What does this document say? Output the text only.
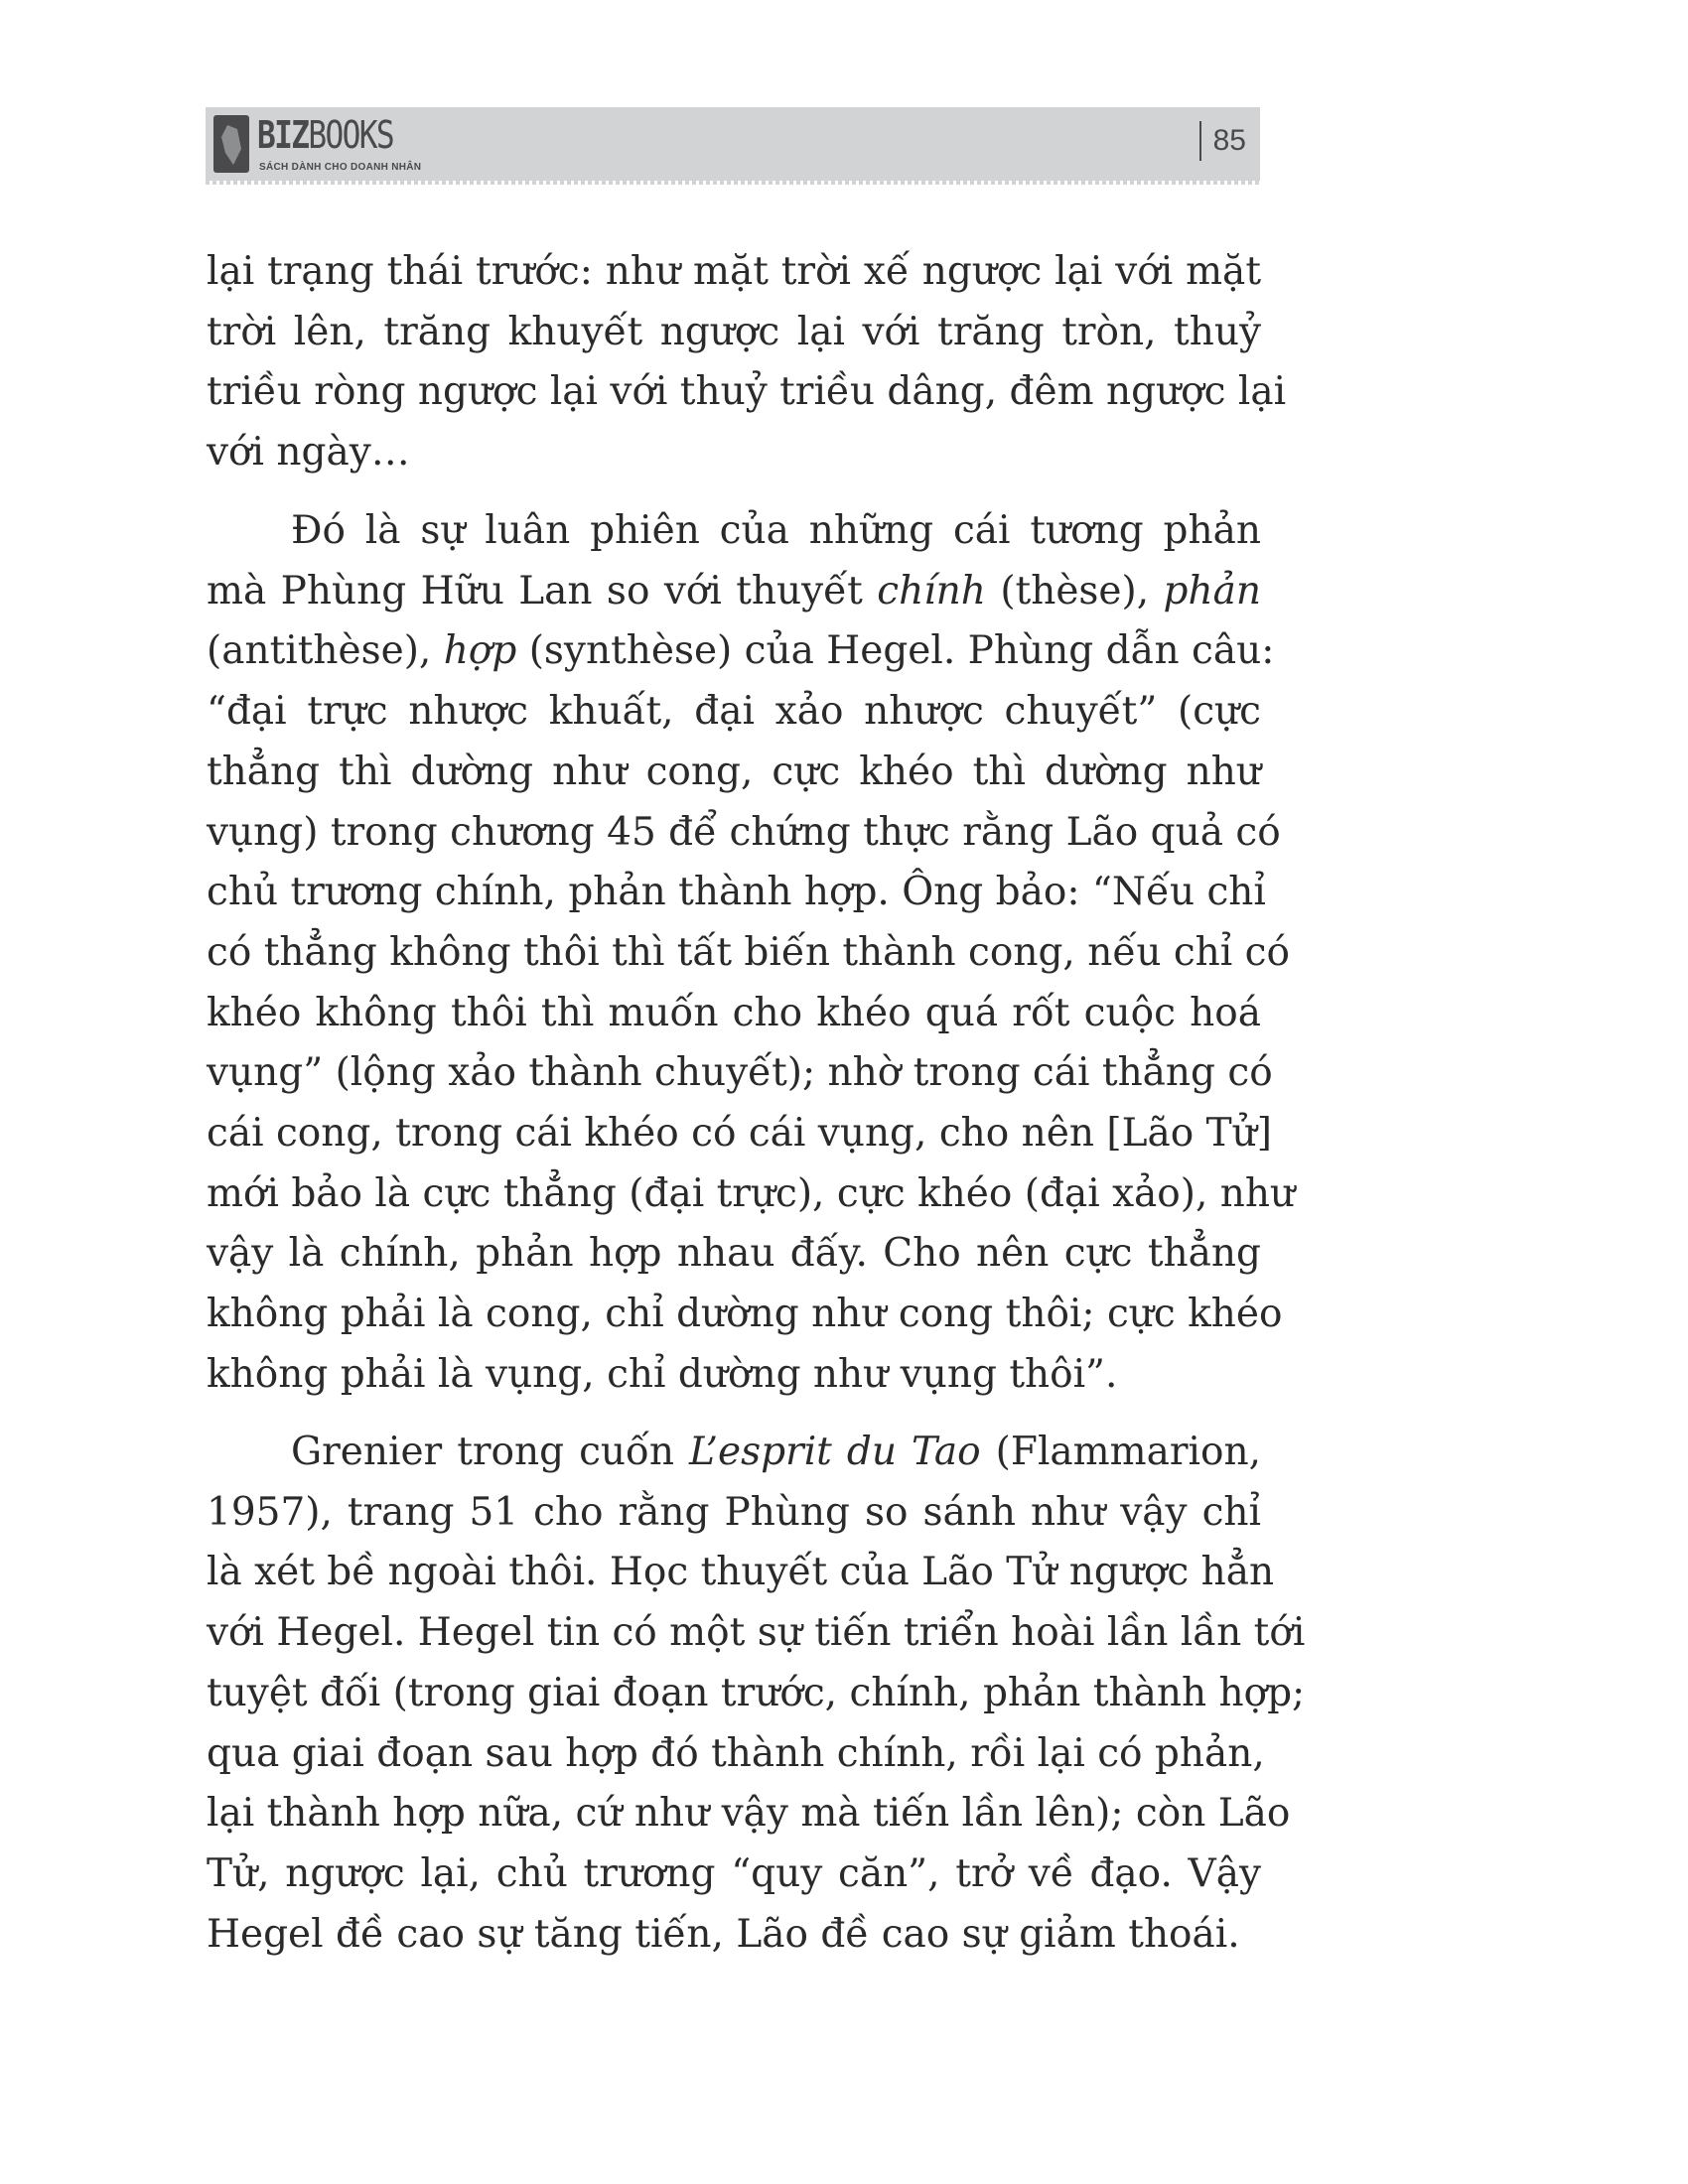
BIZBOOKS
SÁCH DÀNH CHO DOANH NHÂN
85
lại trạng thái trước: như mặt trời xế ngược lại với mặt
trời lên, trăng khuyết ngược lại với trăng tròn, thuỷ
triều ròng ngược lại với thuỷ triều dâng, đêm ngược lại
với ngày…
Đó là sự luân phiên của những cái tương phản
mà Phùng Hữu Lan so với thuyết chính (thèse), phản
(antithèse), hợp (synthèse) của Hegel. Phùng dẫn câu:
“đại trực nhược khuất, đại xảo nhược chuyết” (cực
thẳng thì dường như cong, cực khéo thì dường như
vụng) trong chương 45 để chứng thực rằng Lão quả có
chủ trương chính, phản thành hợp. Ông bảo: “Nếu chỉ
có thẳng không thôi thì tất biến thành cong, nếu chỉ có
khéo không thôi thì muốn cho khéo quá rốt cuộc hoá
vụng” (lộng xảo thành chuyết); nhờ trong cái thẳng có
cái cong, trong cái khéo có cái vụng, cho nên [Lão Tử]
mới bảo là cực thẳng (đại trực), cực khéo (đại xảo), như
vậy là chính, phản hợp nhau đấy. Cho nên cực thẳng
không phải là cong, chỉ dường như cong thôi; cực khéo
không phải là vụng, chỉ dường như vụng thôi”.
Grenier trong cuốn L’esprit du Tao (Flammarion,
1957), trang 51 cho rằng Phùng so sánh như vậy chỉ
là xét bề ngoài thôi. Học thuyết của Lão Tử ngược hẳn
với Hegel. Hegel tin có một sự tiến triển hoài lần lần tới
tuyệt đối (trong giai đoạn trước, chính, phản thành hợp;
qua giai đoạn sau hợp đó thành chính, rồi lại có phản,
lại thành hợp nữa, cứ như vậy mà tiến lần lên); còn Lão
Tử, ngược lại, chủ trương “quy căn”, trở về đạo. Vậy
Hegel đề cao sự tăng tiến, Lão đề cao sự giảm thoái.
